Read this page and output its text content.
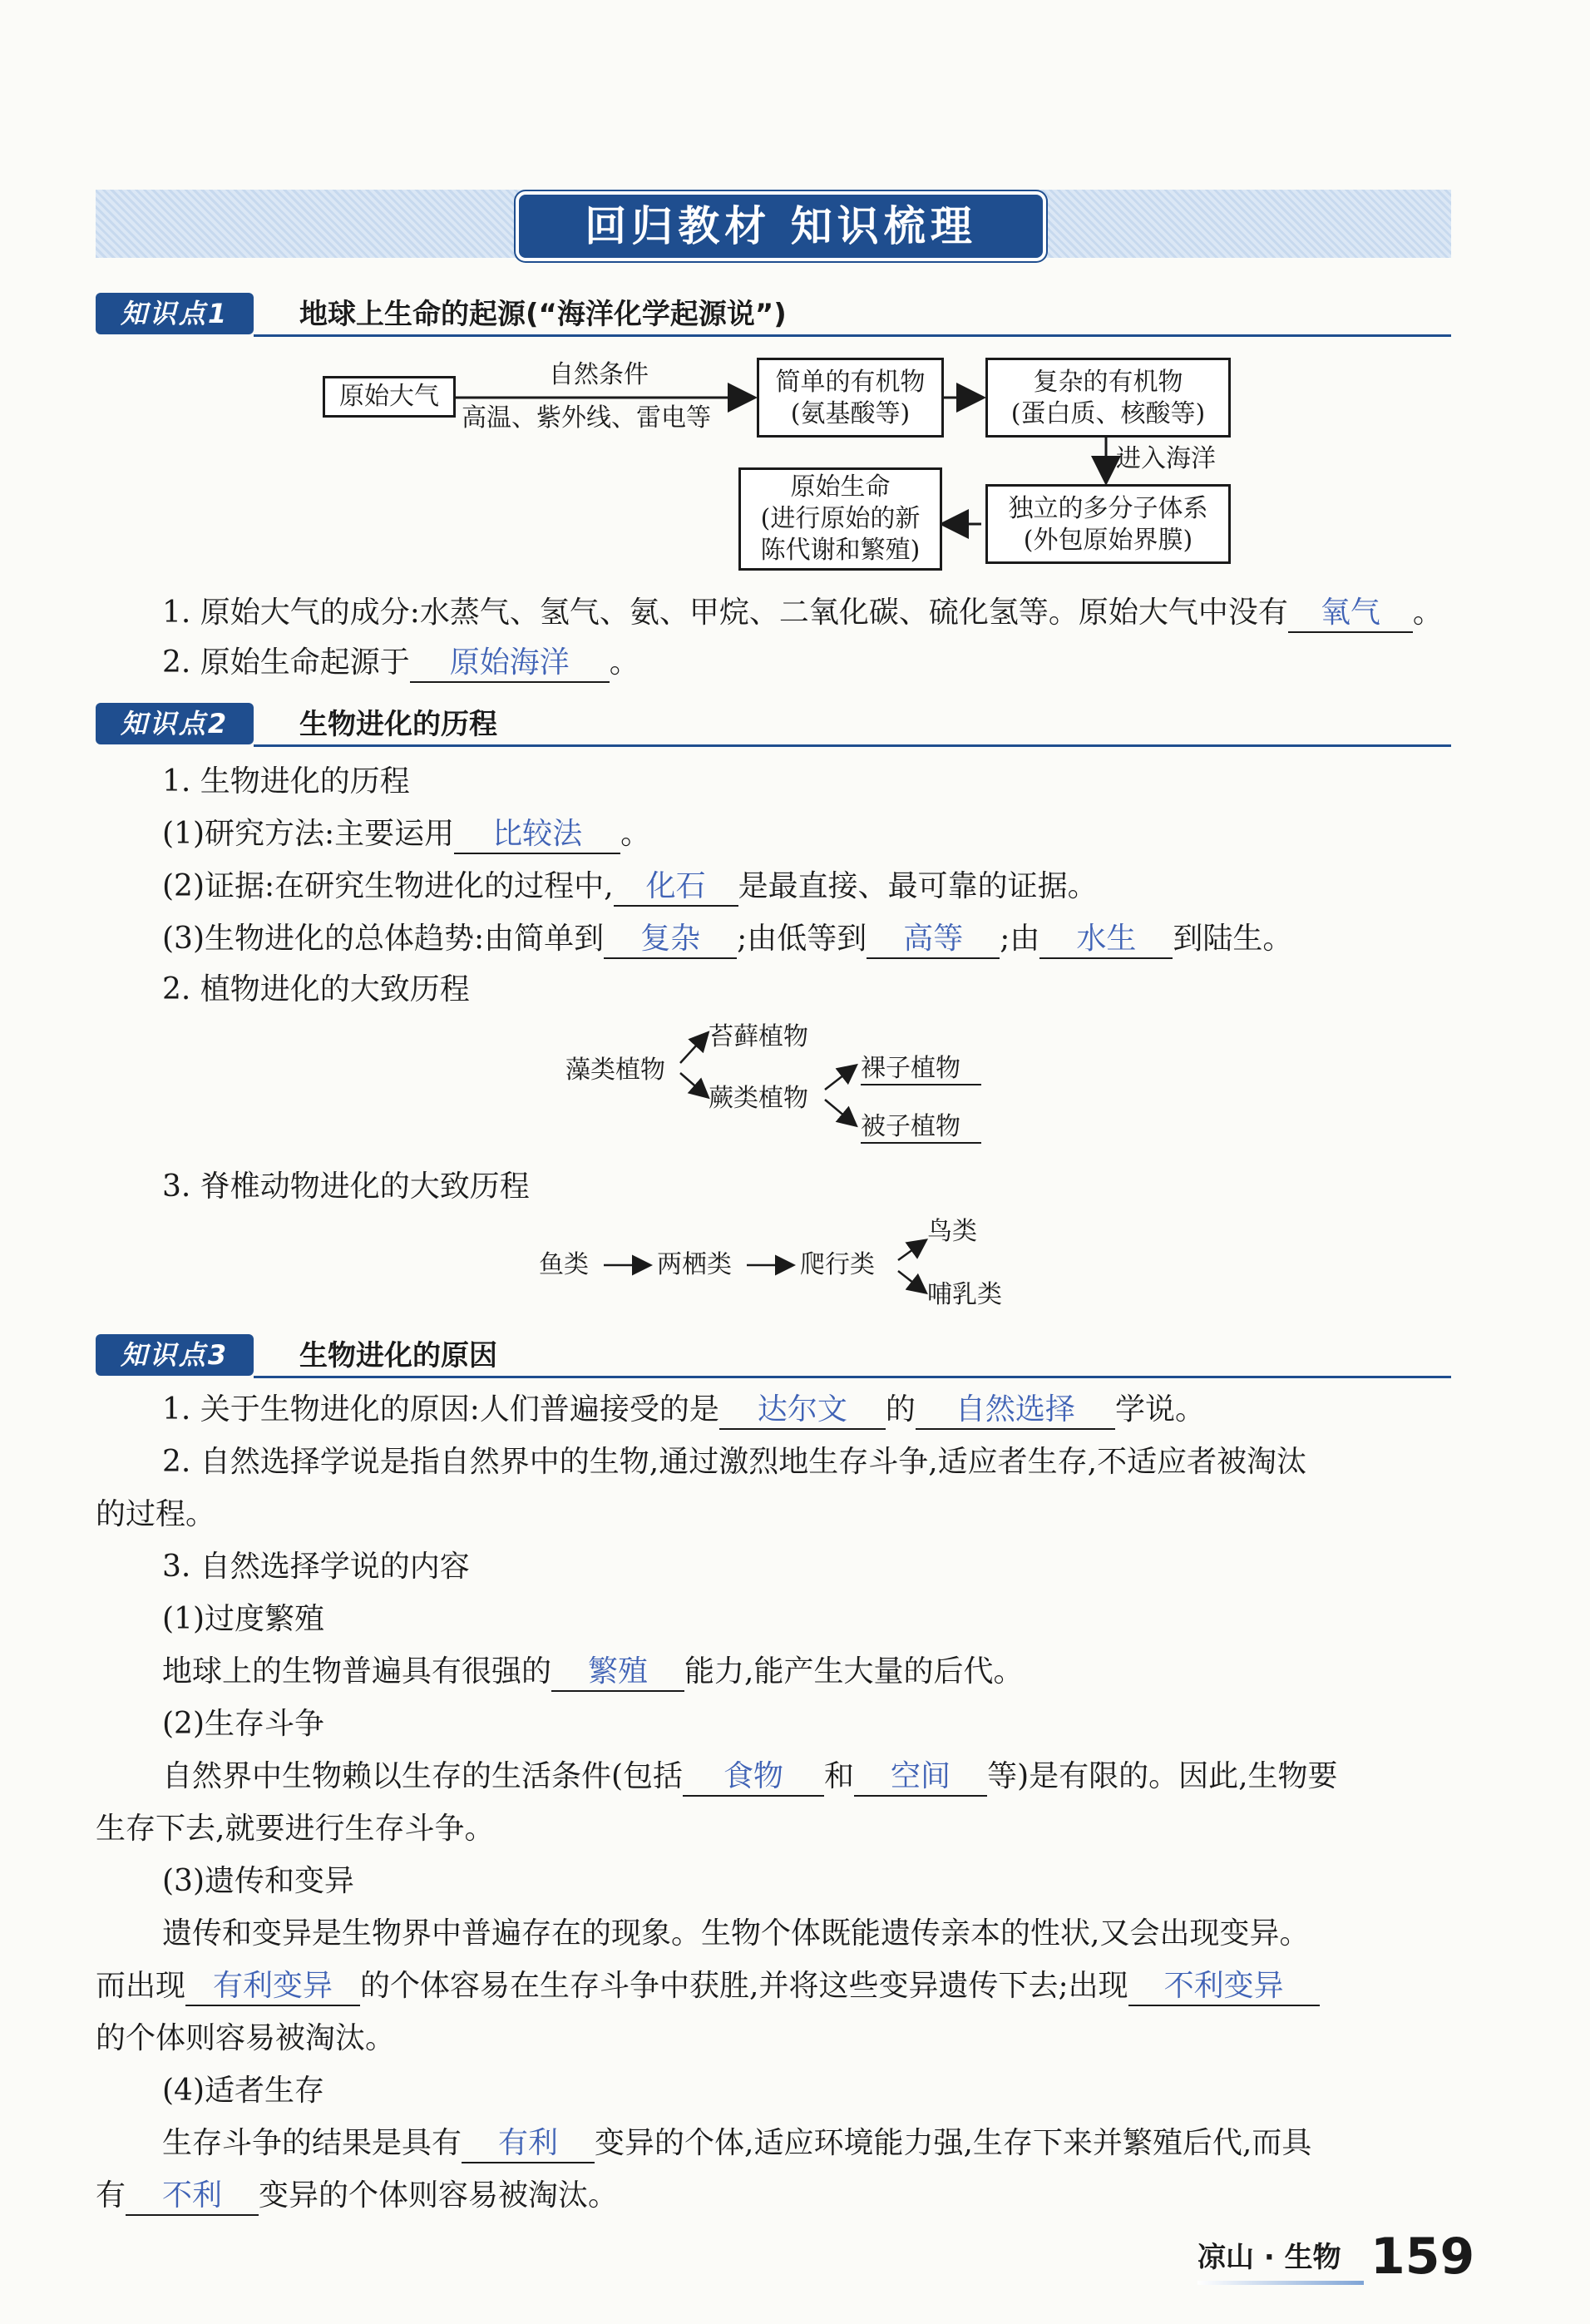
回归教材 知识梳理
知识点1	地球上生命的起源(“海洋化学起源说”)
原始大气
自然条件
高温、紫外线、雷电等
简单的有机物
(氨基酸等)
复杂的有机物
(蛋白质、核酸等)
进入海洋
独立的多分子体系
(外包原始界膜)
原始生命
(进行原始的新
陈代谢和繁殖)
1. 原始大气的成分:水蒸气、氢气、氨、甲烷、二氧化碳、硫化氢等。原始大气中没有 氧气 。
2. 原始生命起源于 原始海洋 。
知识点2	生物进化的历程
1. 生物进化的历程
(1)研究方法:主要运用 比较法 。
(2)证据:在研究生物进化的过程中, 化石 是最直接、最可靠的证据。
(3)生物进化的总体趋势:由简单到 复杂 ;由低等到 高等 ;由 水生 到陆生。
2. 植物进化的大致历程
藻类植物
苔藓植物
蕨类植物
裸子植物
被子植物
3. 脊椎动物进化的大致历程
鱼类	两栖类	爬行类
鸟类
哺乳类
知识点3	生物进化的原因
1. 关于生物进化的原因:人们普遍接受的是 达尔文 的 自然选择 学说。
2. 自然选择学说是指自然界中的生物,通过激烈地生存斗争,适应者生存,不适应者被淘汰
的过程。
3. 自然选择学说的内容
(1)过度繁殖
地球上的生物普遍具有很强的 繁殖 能力,能产生大量的后代。
(2)生存斗争
自然界中生物赖以生存的生活条件(包括 食物 和 空间 等)是有限的。因此,生物要
生存下去,就要进行生存斗争。
(3)遗传和变异
遗传和变异是生物界中普遍存在的现象。生物个体既能遗传亲本的性状,又会出现变异。
而出现 有利变异 的个体容易在生存斗争中获胜,并将这些变异遗传下去;出现 不利变异
的个体则容易被淘汰。
(4)适者生存
生存斗争的结果是具有 有利 变异的个体,适应环境能力强,生存下来并繁殖后代,而具
有 不利 变异的个体则容易被淘汰。
凉山 · 生物 159
